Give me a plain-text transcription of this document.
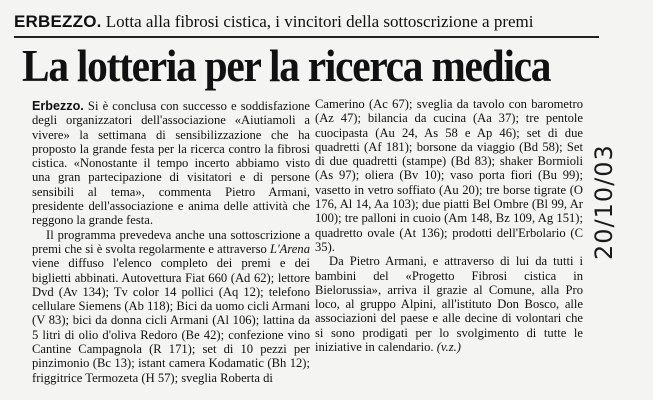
ERBEZZO. Lotta alla fibrosi cistica, i vincitori della sottoscrizione a premi
La lotteria per la ricerca medica

Erbezzo. Si è conclusa con successo e soddisfazione degli organizzatori dell'associazione «Aiutiamoli a vivere» la settimana di sensibilizzazione che ha proposto la grande festa per la ricerca contro la fibrosi cistica. «Nonostante il tempo incerto abbiamo visto una gran partecipazione di visitatori e di persone sensibili al tema», commenta Pietro Armani, presidente dell'associazione e anima delle attività che reggono la grande festa.

Il programma prevedeva anche una sottoscrizione a premi che si è svolta regolarmente e attraverso L'Arena viene diffuso l'elenco completo dei premi e dei biglietti abbinati. Autovettura Fiat 660 (Ad 62); lettore Dvd (Av 134); Tv color 14 pollici (Aq 12); telefono cellulare Siemens (Ab 118); Bici da uomo cicli Armani (V 83); bici da donna cicli Armani (Al 106); lattina da 5 litri di olio d'oliva Redoro (Be 42); confezione vino Cantine Campagnola (R 171); set di 10 pezzi per pinzimonio (Bc 13); istant camera Kodamatic (Bh 12); friggitrice Termozeta (H 57); sveglia Roberta di

Camerino (Ac 67); sveglia da tavolo con barometro (Az 47); bilancia da cucina (Aa 37); tre pentole cuocipasta (Au 24, As 58 e Ap 46); set di due quadretti (Af 181); borsone da viaggio (Bd 58); Set di due quadretti (stampe) (Bd 83); shaker Bormioli (As 97); oliera (Bv 10); vaso porta fiori (Bu 99); vasetto in vetro soffiato (Au 20); tre borse tigrate (O 176, Al 14, Aa 103); due piatti Bel Ombre (Bl 99, Ar 100); tre palloni in cuoio (Am 148, Bz 109, Ag 151); quadretto ovale (At 136); prodotti dell'Erbolario (C 35).

Da Pietro Armani, e attraverso di lui da tutti i bambini del «Progetto Fibrosi cistica in Bielorussia», arriva il grazie al Comune, alla Pro loco, al gruppo Alpini, all'istituto Don Bosco, alle associazioni del paese e alle decine di volontari che si sono prodigati per lo svolgimento di tutte le iniziative in calendario. (v.z.)

20/10/03
